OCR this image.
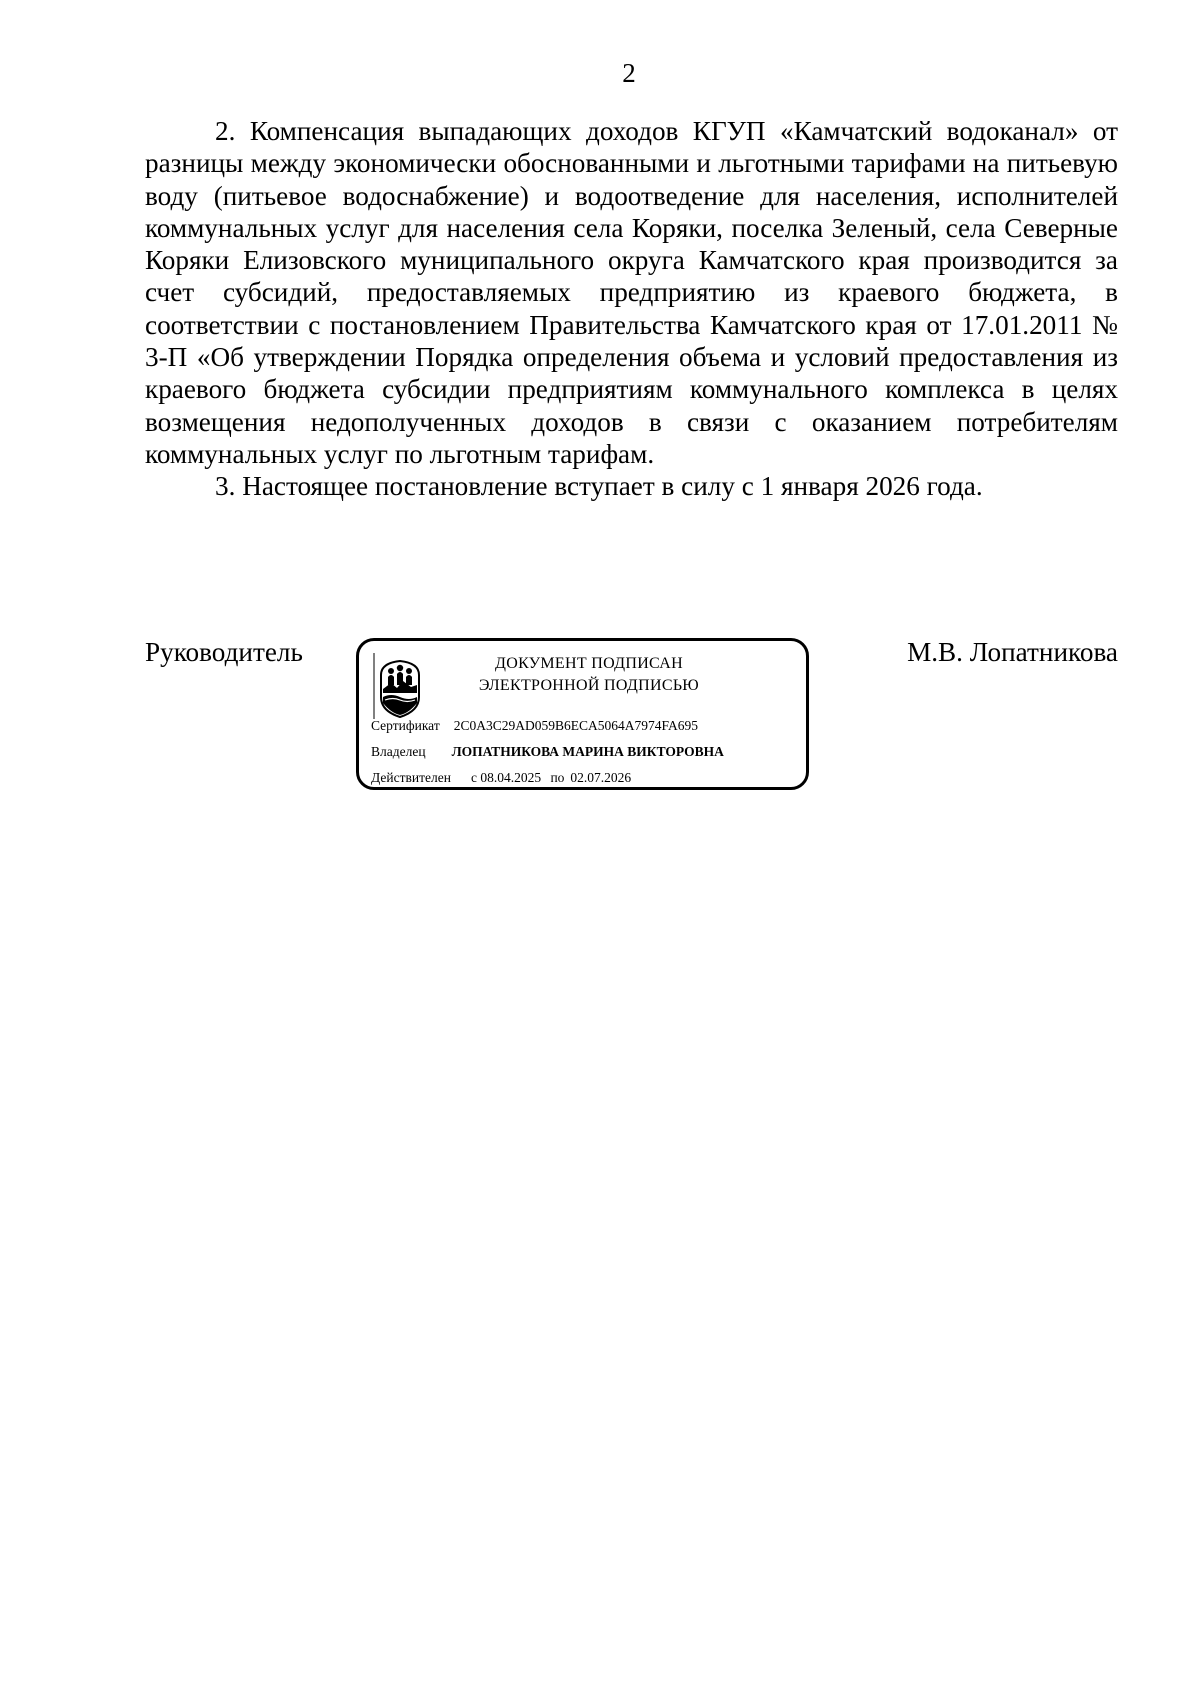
2

2. Компенсация выпадающих доходов КГУП «Камчатский водоканал» от разницы между экономически обоснованными и льготными тарифами на питьевую воду (питьевое водоснабжение) и водоотведение для населения, исполнителей коммунальных услуг для населения села Коряки, поселка Зеленый, села Северные Коряки Елизовского муниципального округа Камчатского края производится за счет субсидий, предоставляемых предприятию из краевого бюджета, в соответствии с постановлением Правительства Камчатского края от 17.01.2011 № 3-П «Об утверждении Порядка определения объема и условий предоставления из краевого бюджета субсидии предприятиям коммунального комплекса в целях возмещения недополученных доходов в связи с оказанием потребителям коммунальных услуг по льготным тарифам.

3. Настоящее постановление вступает в силу с 1 января 2026 года.

Руководитель	ДОКУМЕНТ ПОДПИСАН
ЭЛЕКТРОННОЙ ПОДПИСЬЮ
Сертификат 2C0A3C29AD059B6ECA5064A7974FA695
Владелец ЛОПАТНИКОВА МАРИНА ВИКТОРОВНА
Действителен с 08.04.2025 по 02.07.2026
М.В. Лопатникова
